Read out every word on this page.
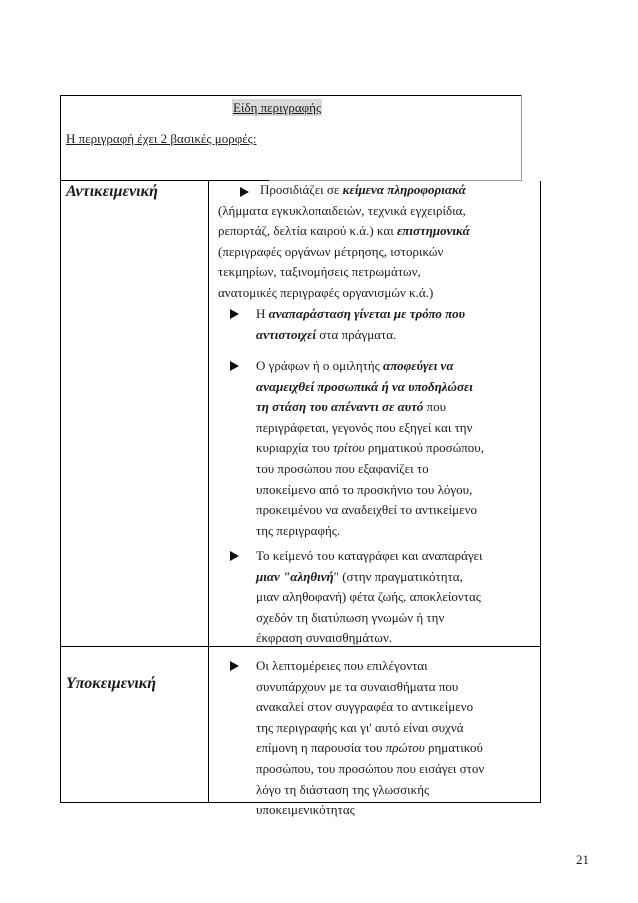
Είδη περιγραφής
Η περιγραφή έχει 2 βασικές μορφές:
Αντικειμενική
Υποκειμενική
Προσιδιάζει σε κείμενα πληροφοριακά
(λήμματα εγκυκλοπαιδειών, τεχνικά εγχειρίδια,
ρεπορτάζ, δελτία καιρού κ.ά.) και επιστημονικά
(περιγραφές οργάνων μέτρησης, ιστορικών
τεκμηρίων, ταξινομήσεις πετρωμάτων,
ανατομικές περιγραφές οργανισμών κ.ά.)
Η αναπαράσταση γίνεται με τρόπο που
αντιστοιχεί στα πράγματα.
Ο γράφων ή ο ομιλητής αποφεύγει να
αναμειχθεί προσωπικά ή να υποδηλώσει
τη στάση του απέναντι σε αυτό που
περιγράφεται, γεγονός που εξηγεί και την
κυριαρχία του τρίτου ρηματικού προσώπου,
του προσώπου που εξαφανίζει το
υποκείμενο από το προσκήνιο του λόγου,
προκειμένου να αναδειχθεί το αντικείμενο
της περιγραφής.
Το κείμενό του καταγράφει και αναπαράγει
μιαν "αληθινή" (στην πραγματικότητα,
μιαν αληθοφανή) φέτα ζωής, αποκλείοντας
σχεδόν τη διατύπωση γνωμών ή την
έκφραση συναισθημάτων.
Οι λεπτομέρειες που επιλέγονται
συνυπάρχουν με τα συναισθήματα που
ανακαλεί στον συγγραφέα το αντικείμενο
της περιγραφής και γι' αυτό είναι συχνά
επίμονη η παρουσία του πρώτου ρηματικού
προσώπου, του προσώπου που εισάγει στον
λόγο τη διάσταση της γλωσσικής
υποκειμενικότητας
21
